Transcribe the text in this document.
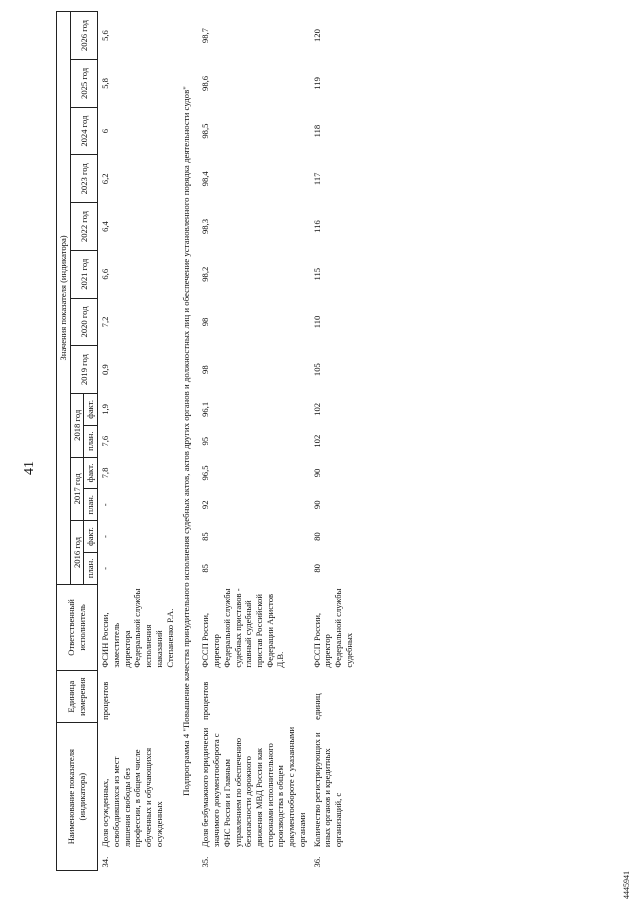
41
4445941
Наименование показателя (индикатора)		Единица измерения	Ответственный исполнитель	Значения показателя (индикатора)													
				2016 год		2017 год		2018 год		2019 год	2020 год	2021 год	2022 год	2023 год	2024 год	2025 год	2026 год
				план.	факт.	план.	факт.	план.	факт.								
34.	Доля осужденных, освободившихся из мест лишения свободы без профессии, в общем числе обученных и обучающихся осужденных	процентов	ФСИН России, заместитель директора Федеральной службы исполнения наказаний Степаненко Р.А.	-	-	-	7,8	7,6	1,9	0,9	7,2	6,6	6,4	6,2	6	5,8	5,6
Подпрограмма 4 "Повышение качества принудительного исполнения судебных актов, актов других органов и должностных лиц и обеспечение установленного порядка деятельности судов"																	
35.	Доля безбумажного юридически значимого документооборота с ФНС России и Главным управлением по обеспечению безопасности дорожного движения МВД России как сторонами исполнительного производства в общем документообороте с указанными органами	процентов	ФССП России, директор Федеральной службы судебных приставов - главный судебный пристав Российской Федерации Аристов Д.В.	85	85	92	96,5	95	96,1	98	98	98,2	98,3	98,4	98,5	98,6	98,7
36.	Количество регистрирующих и иных органов и кредитных организаций, с	единиц	ФССП России, директор Федеральной службы судебных	80	80	90	90	102	102	105	110	115	116	117	118	119	120
